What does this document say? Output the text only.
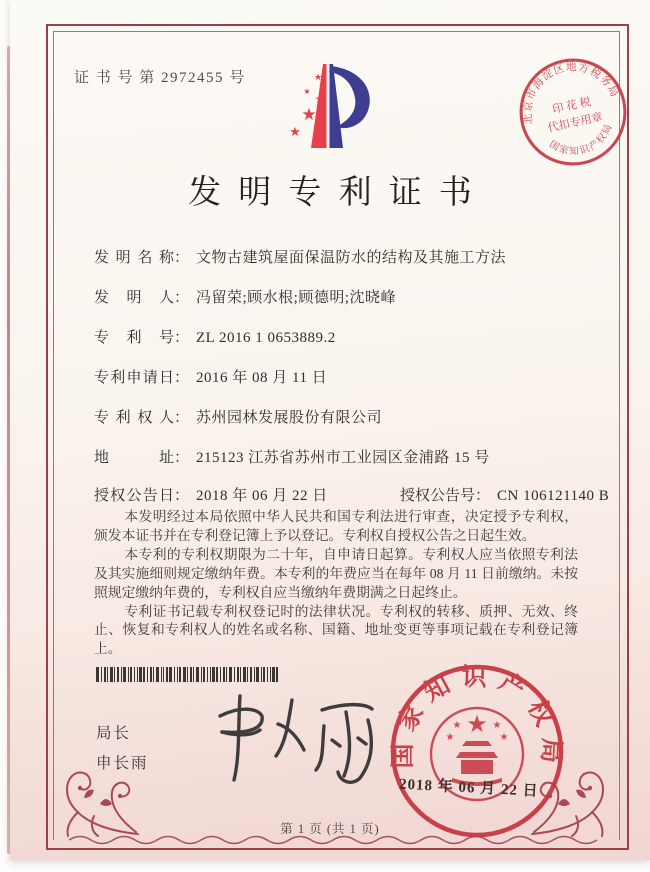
证 书 号 第 2972455 号
★
★
★
★
★
北京市海淀区地方税务局
国家知识产权局
印 花 税
代扣专用章
发明专利证书
发明名称 ： 文物古建筑屋面保温防水的结构及其施工方法
发明人 ： 冯留荣;顾水根;顾德明;沈晓峰
专利号 ： ZL 2016 1 0653889.2
专利申请日 ： 2016 年 08 月 11 日
专利权人 ： 苏州园林发展股份有限公司
地址 ： 215123 江苏省苏州市工业园区金浦路 15 号
授权公告日 ： 2018 年 06 月 22 日	授权公告号 ： CN 106121140 B

本发明经过本局依照中华人民共和国专利法进行审查，决定授予专利权，颁发本证书并在专利登记簿上予以登记。专利权自授权公告之日起生效。

本专利的专利权期限为二十年，自申请日起算。专利权人应当依照专利法及其实施细则规定缴纳年费。本专利的年费应当在每年 08 月 11 日前缴纳。未按照规定缴纳年费的，专利权自应当缴纳年费期满之日起终止。

专利证书记载专利权登记时的法律状况。专利权的转移、质押、无效、终止、恢复和专利权人的姓名或名称、国籍、地址变更等事项记载在专利登记簿上。

局长
申长雨	国家知识产权局
★
★	★
★	★
2018 年 06 月 22 日
第 1 页 (共 1 页)
